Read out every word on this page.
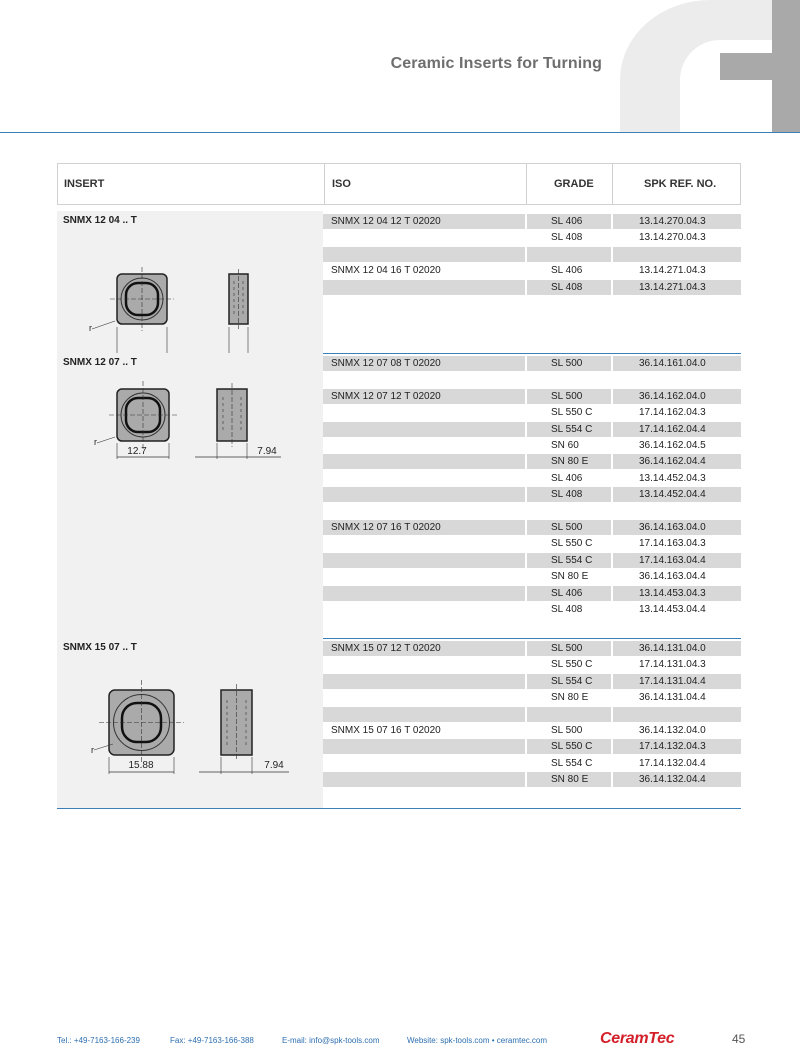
Ceramic Inserts for Turning
INSERT	ISO	GRADE	SPK REF. NO.
SNMX 12 04 .. T
r
SNMX 12 04 12 T 02020	SL 406	13.14.270.04.3
SL 408	13.14.270.04.3
SNMX 12 04 16 T 02020	SL 406	13.14.271.04.3
SL 408	13.14.271.04.3
SNMX 12 07 .. T
12.7
r
7.94
SNMX 12 07 08 T 02020	SL 500	36.14.161.04.0
SNMX 12 07 12 T 02020	SL 500	36.14.162.04.0
SL 550 C	17.14.162.04.3
SL 554 C	17.14.162.04.4
SN 60	36.14.162.04.5
SN 80 E	36.14.162.04.4
SL 406	13.14.452.04.3
SL 408	13.14.452.04.4
SNMX 12 07 16 T 02020	SL 500	36.14.163.04.0
SL 550 C	17.14.163.04.3
SL 554 C	17.14.163.04.4
SN 80 E	36.14.163.04.4
SL 406	13.14.453.04.3
SL 408	13.14.453.04.4
SNMX 15 07 .. T
15.88
r
7.94
SNMX 15 07 12 T 02020	SL 500	36.14.131.04.0
SL 550 C	17.14.131.04.3
SL 554 C	17.14.131.04.4
SN 80 E	36.14.131.04.4
SNMX 15 07 16 T 02020	SL 500	36.14.132.04.0
SL 550 C	17.14.132.04.3
SL 554 C	17.14.132.04.4
SN 80 E	36.14.132.04.4
Tel.: +49-7163-166-239	Fax: +49-7163-166-388	E-mail: info@spk-tools.com	Website: spk-tools.com • ceramtec.com	CeramTec	45
